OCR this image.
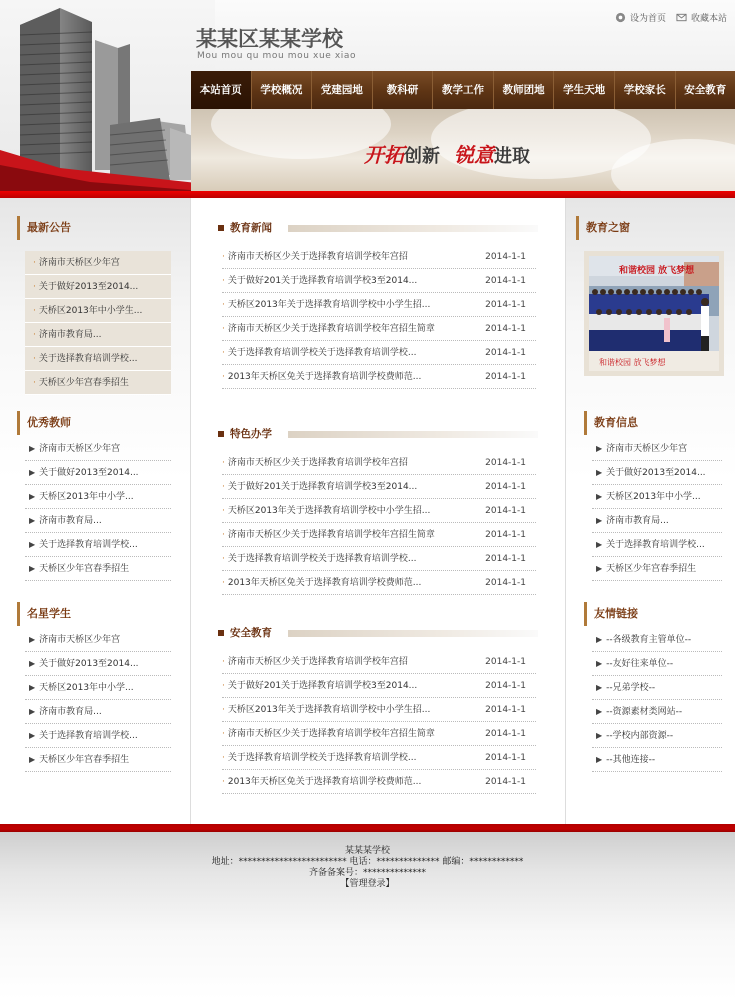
某某区某某学校
Mou mou qu mou mou xue xiao
设为首页	收藏本站
本站首页	学校概况	党建园地	教科研	教学工作	教师团地	学生天地	学校家长	安全教育
开拓 创新 锐意 进取
最新公告
· 济南市天桥区少年宫
· 关于做好2013至2014...
· 天桥区2013年中小学生...
· 济南市教育局...
· 关于选择教育培训学校...
· 天桥区少年宫春季招生
优秀教师
▶ 济南市天桥区少年宫
▶ 关于做好2013至2014...
▶ 天桥区2013年中小学...
▶ 济南市教育局...
▶ 关于选择教育培训学校...
▶ 天桥区少年宫春季招生
名星学生
▶ 济南市天桥区少年宫
▶ 关于做好2013至2014...
▶ 天桥区2013年中小学...
▶ 济南市教育局...
▶ 关于选择教育培训学校...
▶ 天桥区少年宫春季招生
教育新闻
· 济南市天桥区少关于选择教育培训学校年宫招	2014-1-1
· 关于做好201关于选择教育培训学校3至2014...	2014-1-1
· 天桥区2013年关于选择教育培训学校中小学生招...	2014-1-1
· 济南市天桥区少关于选择教育培训学校年宫招生简章	2014-1-1
· 关于选择教育培训学校关于选择教育培训学校...	2014-1-1
· 2013年天桥区免关于选择教育培训学校费师范...	2014-1-1
特色办学
· 济南市天桥区少关于选择教育培训学校年宫招	2014-1-1
· 关于做好201关于选择教育培训学校3至2014...	2014-1-1
· 天桥区2013年关于选择教育培训学校中小学生招...	2014-1-1
· 济南市天桥区少关于选择教育培训学校年宫招生简章	2014-1-1
· 关于选择教育培训学校关于选择教育培训学校...	2014-1-1
· 2013年天桥区免关于选择教育培训学校费师范...	2014-1-1
安全教育
· 济南市天桥区少关于选择教育培训学校年宫招	2014-1-1
· 关于做好201关于选择教育培训学校3至2014...	2014-1-1
· 天桥区2013年关于选择教育培训学校中小学生招...	2014-1-1
· 济南市天桥区少关于选择教育培训学校年宫招生简章	2014-1-1
· 关于选择教育培训学校关于选择教育培训学校...	2014-1-1
· 2013年天桥区免关于选择教育培训学校费师范...	2014-1-1
教育之窗
和谐校园 放飞梦想
和谐校园 放飞梦想
教育信息
▶ 济南市天桥区少年宫
▶ 关于做好2013至2014...
▶ 天桥区2013年中小学...
▶ 济南市教育局...
▶ 关于选择教育培训学校...
▶ 天桥区少年宫春季招生
友情链接
▶ --各级教育主管单位--
▶ --友好往来单位--
▶ --兄弟学校--
▶ --资源素材类网站--
▶ --学校内部资源--
▶ --其他连接--
某某某学校
地址：************************ 电话：************** 邮编：************
齐备备案号：**************
【管理登录】
